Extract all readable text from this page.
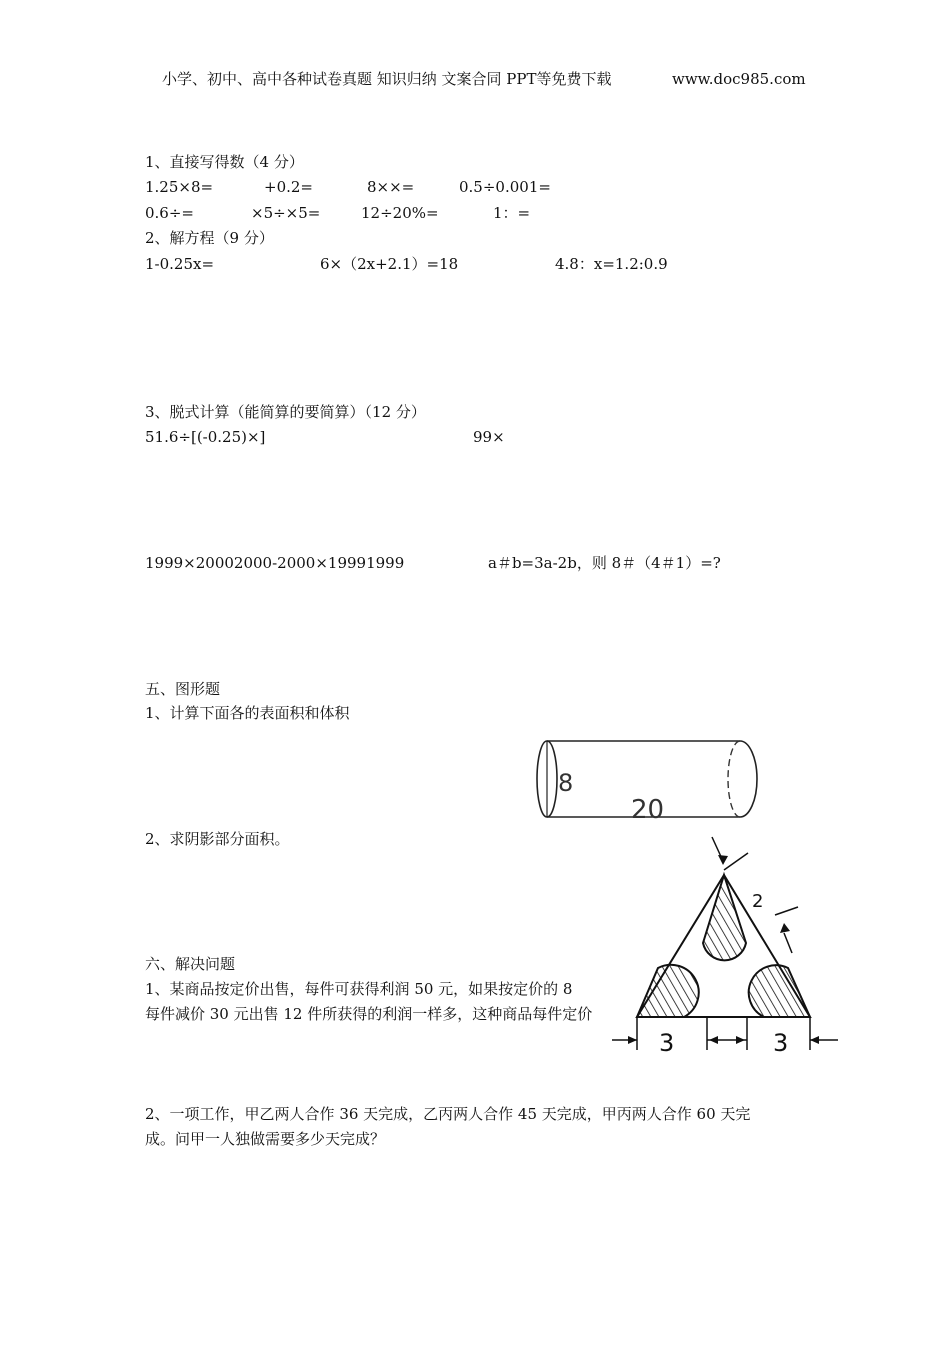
小学、初中、高中各种试卷真题 知识归纳 文案合同 PPT等免费下载	www.doc985.com
1、直接写得数（4 分）
1.25×8=	+0.2=	8××=	0.5÷0.001=
0.6÷=	×5÷×5=	12÷20%=	1：=
2、解方程（9 分）
1-0.25x=	6×（2x+2.1）=18	4.8：x=1.2:0.9
3、脱式计算（能简算的要简算）（12 分）
51.6÷[(-0.25)×]	99×
1999×20002000-2000×19991999	a＃b=3a-2b，则 8＃（4＃1）=?
五、图形题
1、计算下面各的表面积和体积
2、求阴影部分面积。
8
20
2
3	3
六、解决问题
1、某商品按定价出售，每件可获得利润 50 元，如果按定价的 8
每件减价 30 元出售 12 件所获得的利润一样多，这种商品每件定价
2、一项工作，甲乙两人合作 36 天完成，乙丙两人合作 45 天完成，甲丙两人合作 60 天完
成。问甲一人独做需要多少天完成？
